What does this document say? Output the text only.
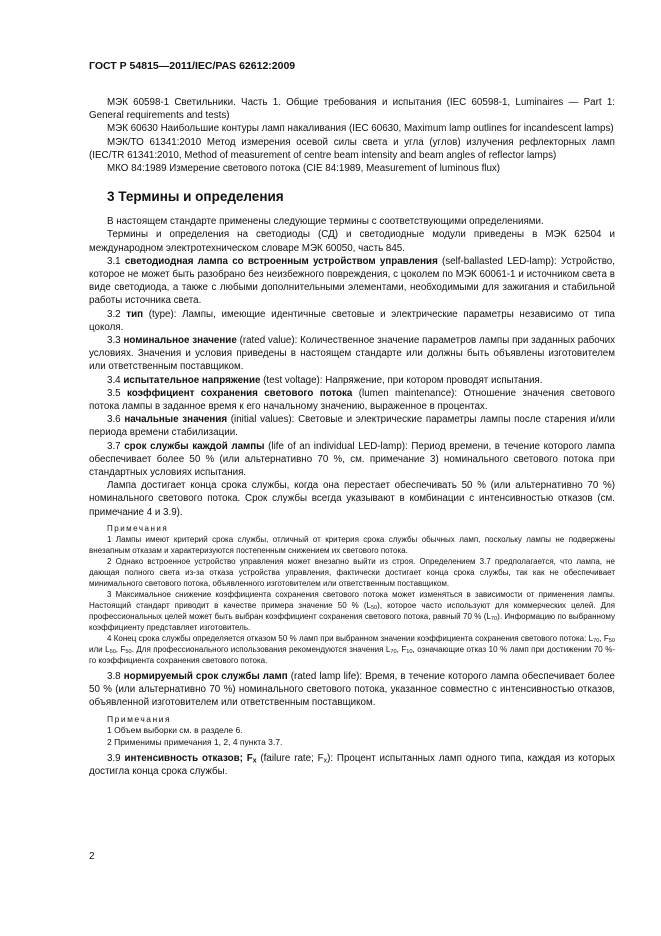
ГОСТ Р 54815—2011/IEC/PAS 62612:2009

МЭК 60598-1 Светильники. Часть 1. Общие требования и испытания (IEC 60598-1, Luminaires — Part 1: General requirements and tests)

МЭК 60630 Наибольшие контуры ламп накаливания (IEC 60630, Maximum lamp outlines for incandescent lamps)

МЭК/ТО 61341:2010 Метод измерения осевой силы света и угла (углов) излучения рефлекторных ламп (IEC/TR 61341:2010, Method of measurement of centre beam intensity and beam angles of reflector lamps)

МКО 84:1989 Измерение светового потока (CIE 84:1989, Measurement of luminous flux)

3 Термины и определения

В настоящем стандарте применены следующие термины с соответствующими определениями.

Термины и определения на светодиоды (СД) и светодиодные модули приведены в МЭК 62504 и международном электротехническом словаре МЭК 60050, часть 845.

3.1 светодиодная лампа со встроенным устройством управления (self-ballasted LED-lamp): Устройство, которое не может быть разобрано без неизбежного повреждения, с цоколем по МЭК 60061-1 и источником света в виде светодиода, а также с любыми дополнительными элементами, необходимыми для зажигания и стабильной работы источника света.

3.2 тип (type): Лампы, имеющие идентичные световые и электрические параметры независимо от типа цоколя.

3.3 номинальное значение (rated value): Количественное значение параметров лампы при заданных рабочих условиях. Значения и условия приведены в настоящем стандарте или должны быть объявлены изготовителем или ответственным поставщиком.

3.4 испытательное напряжение (test voltage): Напряжение, при котором проводят испытания.

3.5 коэффициент сохранения светового потока (lumen maintenance): Отношение значения светового потока лампы в заданное время к его начальному значению, выраженное в процентах.

3.6 начальные значения (initial values): Световые и электрические параметры лампы после старения и/или периода времени стабилизации.

3.7 срок службы каждой лампы (life of an individual LED-lamp): Период времени, в течение которого лампа обеспечивает более 50 % (или альтернативно 70 %, см. примечание 3) номинального светового потока при стандартных условиях испытания.

Лампа достигает конца срока службы, когда она перестает обеспечивать 50 % (или альтернативно 70 %) номинального светового потока. Срок службы всегда указывают в комбинации с интенсивностью отказов (см. примечание 4 и 3.9).

Примечания

1 Лампы имеют критерий срока службы, отличный от критерия срока службы обычных ламп, поскольку лампы не подвержены внезапным отказам и характеризуются постепенным снижением их светового потока.

2 Однако встроенное устройство управления может внезапно выйти из строя. Определением 3.7 предполагается, что лампа, не дающая полного света из-за отказа устройства управления, фактически достигает конца срока службы, так как не обеспечивает минимального светового потока, объявленного изготовителем или ответственным поставщиком.

3 Максимальное снижение коэффициента сохранения светового потока может изменяться в зависимости от применения лампы. Настоящий стандарт приводит в качестве примера значение 50 % $(L_{50})$, которое часто используют для коммерческих целей. Для профессиональных целей может быть выбран коэффициент сохранения светового потока, равный 70 % $(L_{70})$. Информацию по выбранному коэффициенту представляет изготовитель.

4 Конец срока службы определяется отказом 50 % ламп при выбранном значении коэффициента сохранения светового потока: $L_{70}$, $F_{50}$ или $L_{50}$, $F_{50}$. Для профессионального использования рекомендуются значения $L_{70}$, $F_{10}$, означающие отказ 10 % ламп при достижении 70 %-го коэффициента сохранения светового потока.

3.8 нормируемый срок службы ламп (rated lamp life): Время, в течение которого лампа обеспечивает более 50 % (или альтернативно 70 %) номинального светового потока, указанное совместно с интенсивностью отказов, объявленной изготовителем или ответственным поставщиком.

Примечания

1 Объем выборки см. в разделе 6.

2 Применимы примечания 1, 2, 4 пункта 3.7.

3.9 интенсивность отказов; $F_x$ (failure rate; $F_x$): Процент испытанных ламп одного типа, каждая из которых достигла конца срока службы.

2
